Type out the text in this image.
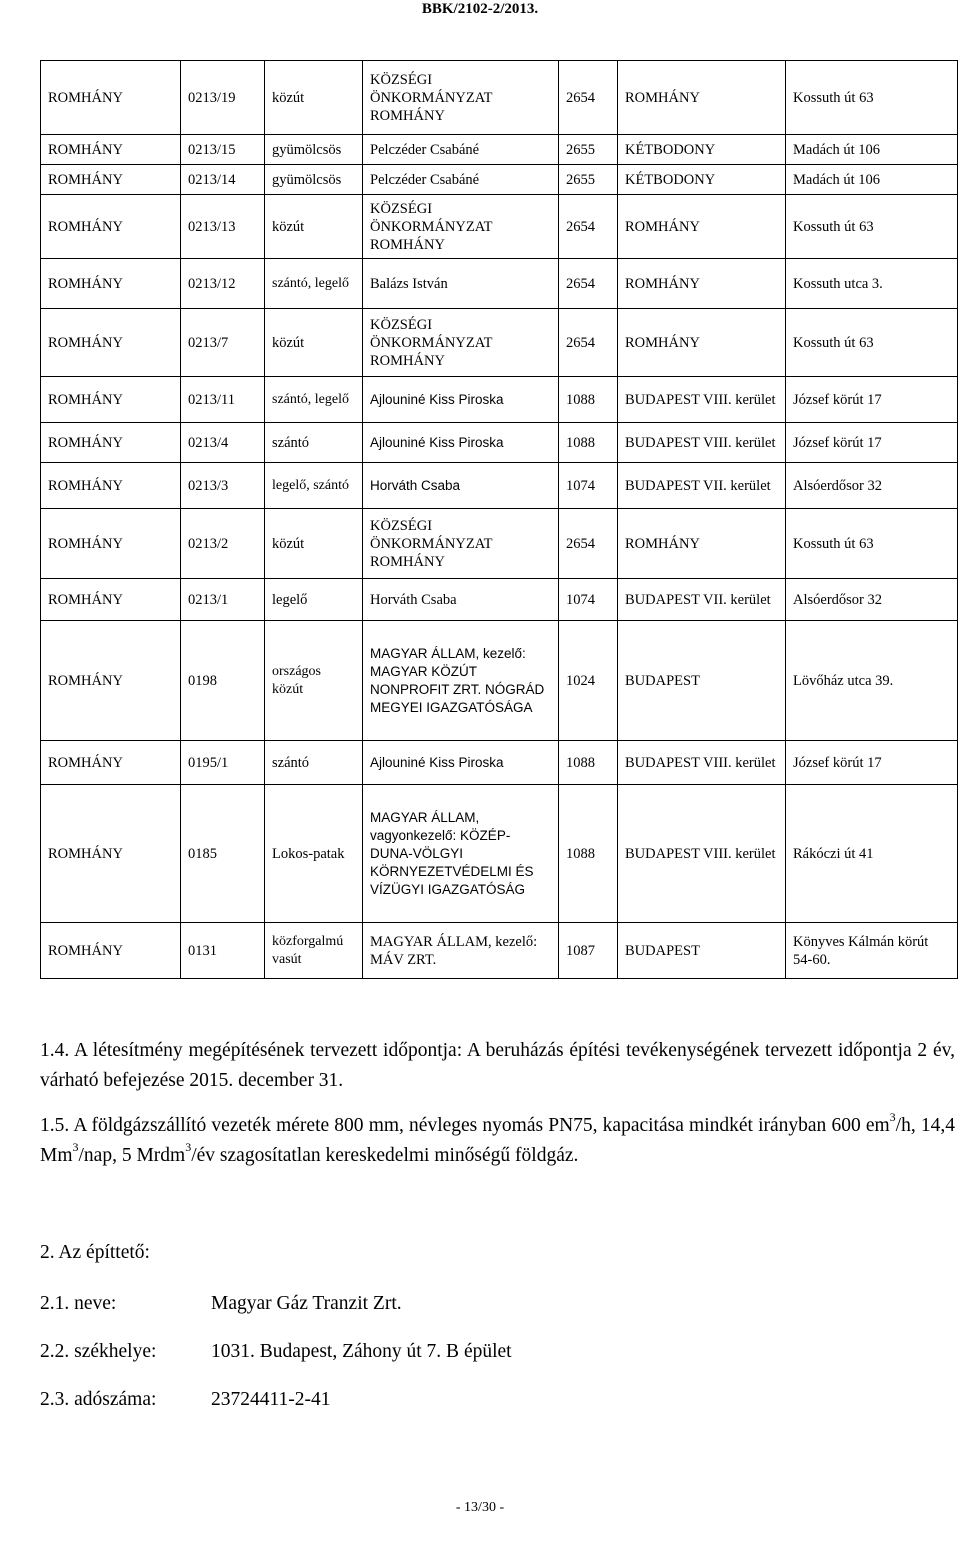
BBK/2102-2/2013.
ROMHÁNY	0213/19	közút	KÖZSÉGI ÖNKORMÁNYZAT ROMHÁNY	2654	ROMHÁNY	Kossuth út 63
ROMHÁNY	0213/15	gyümölcsös	Pelczéder Csabáné	2655	KÉTBODONY	Madách út 106
ROMHÁNY	0213/14	gyümölcsös	Pelczéder Csabáné	2655	KÉTBODONY	Madách út 106
ROMHÁNY	0213/13	közút	KÖZSÉGI ÖNKORMÁNYZAT ROMHÁNY	2654	ROMHÁNY	Kossuth út 63
ROMHÁNY	0213/12	szántó, legelő	Balázs István	2654	ROMHÁNY	Kossuth utca 3.
ROMHÁNY	0213/7	közút	KÖZSÉGI ÖNKORMÁNYZAT ROMHÁNY	2654	ROMHÁNY	Kossuth út 63
ROMHÁNY	0213/11	szántó, legelő	Ajlouniné Kiss Piroska	1088	BUDAPEST VIII. kerület	József körút 17
ROMHÁNY	0213/4	szántó	Ajlouniné Kiss Piroska	1088	BUDAPEST VIII. kerület	József körút 17
ROMHÁNY	0213/3	legelő, szántó	Horváth Csaba	1074	BUDAPEST VII. kerület	Alsóerdősor 32
ROMHÁNY	0213/2	közút	KÖZSÉGI ÖNKORMÁNYZAT ROMHÁNY	2654	ROMHÁNY	Kossuth út 63
ROMHÁNY	0213/1	legelő	Horváth Csaba	1074	BUDAPEST VII. kerület	Alsóerdősor 32
ROMHÁNY	0198	országos közút	MAGYAR ÁLLAM, kezelő: MAGYAR KÖZÚT NONPROFIT ZRT. NÓGRÁD MEGYEI IGAZGATÓSÁGA	1024	BUDAPEST	Lövőház utca 39.
ROMHÁNY	0195/1	szántó	Ajlouniné Kiss Piroska	1088	BUDAPEST VIII. kerület	József körút 17
ROMHÁNY	0185	Lokos-patak	MAGYAR ÁLLAM, vagyonkezelő: KÖZÉP-DUNA-VÖLGYI KÖRNYEZETVÉDELMI ÉS VÍZÜGYI IGAZGATÓSÁG	1088	BUDAPEST VIII. kerület	Rákóczi út 41
ROMHÁNY	0131	közforgalmú vasút	MAGYAR ÁLLAM, kezelő: MÁV ZRT.	1087	BUDAPEST	Könyves Kálmán körút 54-60.
1.4. A létesítmény megépítésének tervezett időpontja: A beruházás építési tevékenységének tervezett időpontja 2 év, várható befejezése 2015. december 31.
1.5. A földgázszállító vezeték mérete 800 mm, névleges nyomás PN75, kapacitása mindkét irányban 600 $em^3/h$, 14,4 Mm$^3$/nap, 5 Mrdm$^3$/év szagosítatlan kereskedelmi minőségű földgáz.
2. Az építtető:
2.1. neve:	Magyar Gáz Tranzit Zrt.
2.2. székhelye:	1031. Budapest, Záhony út 7. B épület
2.3. adószáma:	23724411-2-41
- 13/30 -
